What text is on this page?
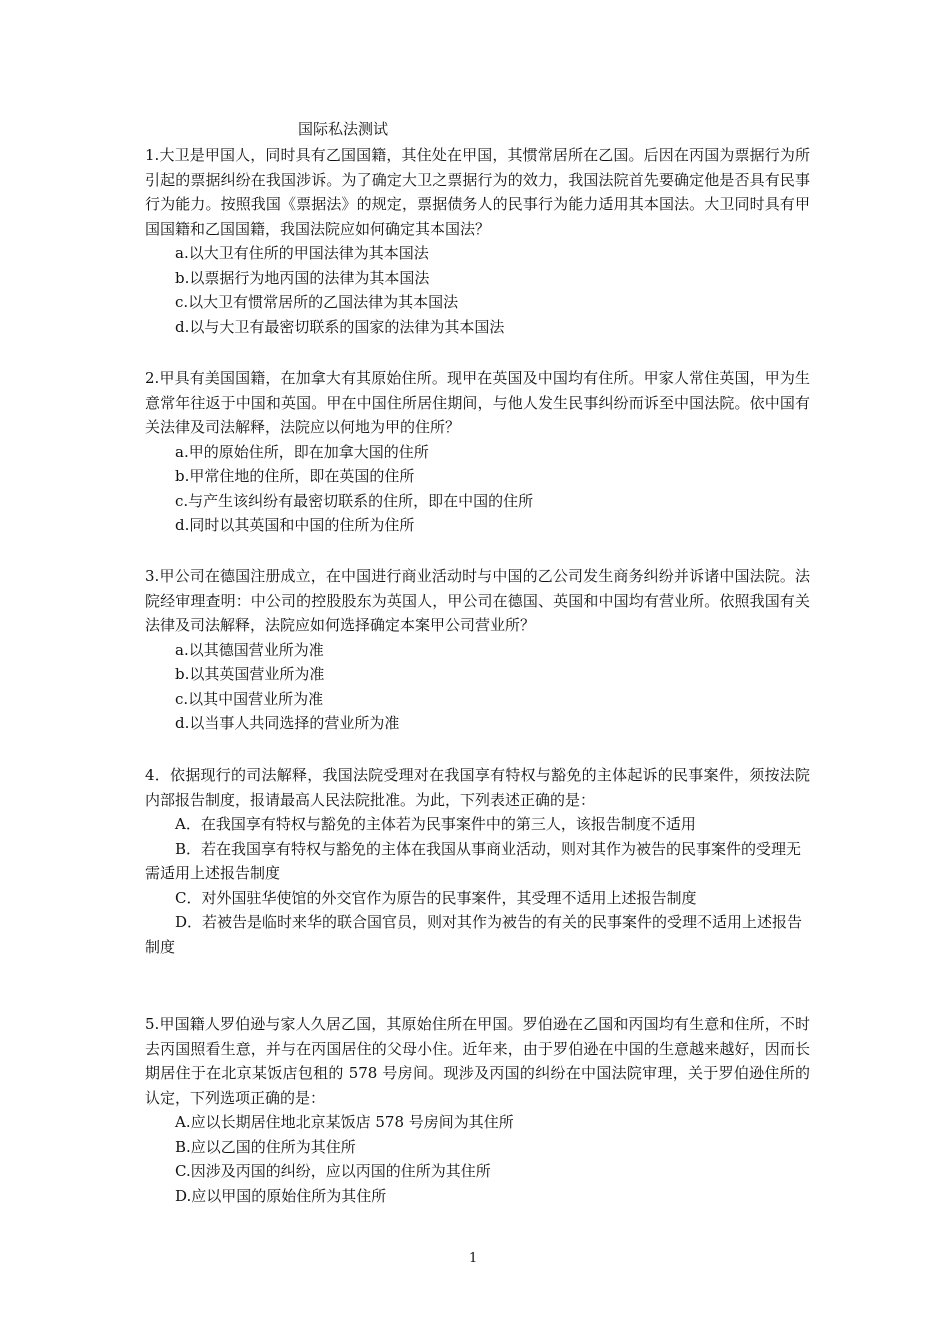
国际私法测试

1.大卫是甲国人，同时具有乙国国籍，其住处在甲国，其惯常居所在乙国。后因在丙国为票据行为所引起的票据纠纷在我国涉诉。为了确定大卫之票据行为的效力，我国法院首先要确定他是否具有民事行为能力。按照我国《票据法》的规定，票据债务人的民事行为能力适用其本国法。大卫同时具有甲国国籍和乙国国籍，我国法院应如何确定其本国法？

a.以大卫有住所的甲国法律为其本国法
b.以票据行为地丙国的法律为其本国法
c.以大卫有惯常居所的乙国法律为其本国法
d.以与大卫有最密切联系的国家的法律为其本国法

2.甲具有美国国籍，在加拿大有其原始住所。现甲在英国及中国均有住所。甲家人常住英国，甲为生意常年往返于中国和英国。甲在中国住所居住期间，与他人发生民事纠纷而诉至中国法院。依中国有关法律及司法解释，法院应以何地为甲的住所？

a.甲的原始住所，即在加拿大国的住所
b.甲常住地的住所，即在英国的住所
c.与产生该纠纷有最密切联系的住所，即在中国的住所
d.同时以其英国和中国的住所为住所

3.甲公司在德国注册成立，在中国进行商业活动时与中国的乙公司发生商务纠纷并诉诸中国法院。法院经审理查明：中公司的控股股东为英国人，甲公司在德国、英国和中国均有营业所。依照我国有关法律及司法解释，法院应如何选择确定本案甲公司营业所？

a.以其德国营业所为准
b.以其英国营业所为准
c.以其中国营业所为准
d.以当事人共同选择的营业所为准

4．依据现行的司法解释，我国法院受理对在我国享有特权与豁免的主体起诉的民事案件，须按法院内部报告制度，报请最高人民法院批准。为此，下列表述正确的是：

A．在我国享有特权与豁免的主体若为民事案件中的第三人，该报告制度不适用
B．若在我国享有特权与豁免的主体在我国从事商业活动，则对其作为被告的民事案件的受理无需适用上述报告制度
C．对外国驻华使馆的外交官作为原告的民事案件，其受理不适用上述报告制度
D．若被告是临时来华的联合国官员，则对其作为被告的有关的民事案件的受理不适用上述报告制度

5.甲国籍人罗伯逊与家人久居乙国，其原始住所在甲国。罗伯逊在乙国和丙国均有生意和住所，不时去丙国照看生意，并与在丙国居住的父母小住。近年来，由于罗伯逊在中国的生意越来越好，因而长期居住于在北京某饭店包租的 578 号房间。现涉及丙国的纠纷在中国法院审理，关于罗伯逊住所的认定，下列选项正确的是：

A.应以长期居住地北京某饭店 578 号房间为其住所
B.应以乙国的住所为其住所
C.因涉及丙国的纠纷，应以丙国的住所为其住所
D.应以甲国的原始住所为其住所
1
